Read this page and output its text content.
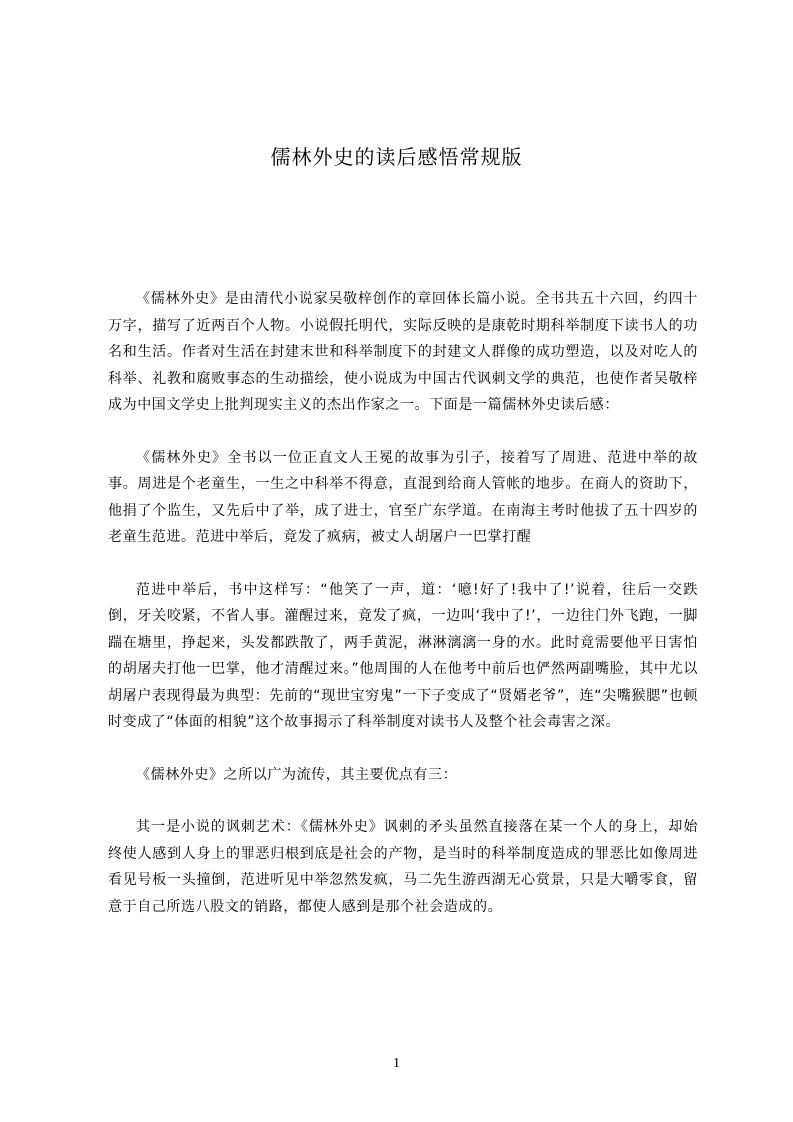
儒林外史的读后感悟常规版

《儒林外史》是由清代小说家吴敬梓创作的章回体长篇小说。全书共五十六回，约四十万字，描写了近两百个人物。小说假托明代，实际反映的是康乾时期科举制度下读书人的功名和生活。作者对生活在封建末世和科举制度下的封建文人群像的成功塑造，以及对吃人的科举、礼教和腐败事态的生动描绘，使小说成为中国古代讽刺文学的典范，也使作者吴敬梓成为中国文学史上批判现实主义的杰出作家之一。下面是一篇儒林外史读后感：

《儒林外史》全书以一位正直文人王冕的故事为引子，接着写了周进、范进中举的故事。周进是个老童生，一生之中科举不得意，直混到给商人管帐的地步。在商人的资助下，他捐了个监生，又先后中了举，成了进士，官至广东学道。在南海主考时他拔了五十四岁的老童生范进。范进中举后，竟发了疯病，被丈人胡屠户一巴掌打醒

范进中举后，书中这样写：“他笑了一声，道：‘噫!好了!我中了!’说着，往后一交跌倒，牙关咬紧，不省人事。灌醒过来，竟发了疯，一边叫‘我中了!’，一边往门外飞跑，一脚踹在塘里，挣起来，头发都跌散了，两手黄泥，淋淋漓漓一身的水。此时竟需要他平日害怕的胡屠夫打他一巴掌，他才清醒过来。”他周围的人在他考中前后也俨然两副嘴脸，其中尤以胡屠户表现得最为典型：先前的“现世宝穷鬼”一下子变成了“贤婿老爷”，连“尖嘴猴腮”也顿时变成了“体面的相貌”这个故事揭示了科举制度对读书人及整个社会毒害之深。

《儒林外史》之所以广为流传，其主要优点有三：

其一是小说的讽刺艺术：《儒林外史》讽刺的矛头虽然直接落在某一个人的身上，却始终使人感到人身上的罪恶归根到底是社会的产物，是当时的科举制度造成的罪恶比如像周进看见号板一头撞倒，范进听见中举忽然发疯，马二先生游西湖无心赏景，只是大嚼零食，留意于自己所选八股文的销路，都使人感到是那个社会造成的。

1
